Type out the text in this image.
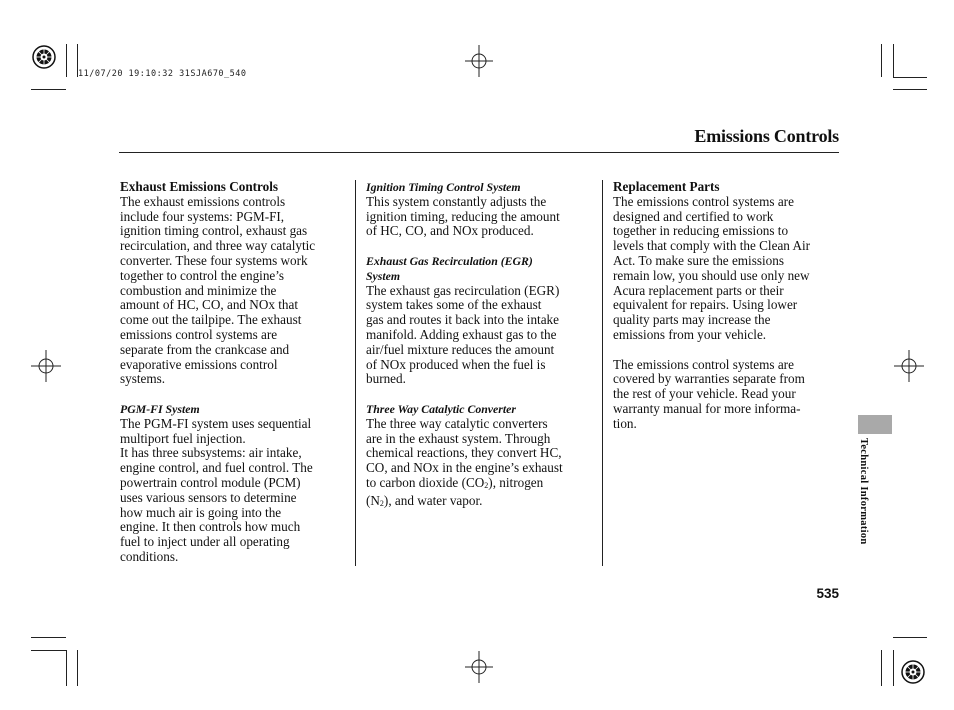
11/07/20 19:10:32 31SJA670_540
Emissions Controls

Exhaust Emissions Controls

The exhaust emissions controls

include four systems: PGM-FI,

ignition timing control, exhaust gas

recirculation, and three way catalytic

converter. These four systems work

together to control the engine’s

combustion and minimize the

amount of HC, CO, and NOx that

come out the tailpipe. The exhaust

emissions control systems are

separate from the crankcase and

evaporative emissions control

systems.

PGM-FI System

The PGM-FI system uses sequential

multiport fuel injection.

It has three subsystems: air intake,

engine control, and fuel control. The

powertrain control module (PCM)

uses various sensors to determine

how much air is going into the

engine. It then controls how much

fuel to inject under all operating

conditions.

Ignition Timing Control System

This system constantly adjusts the

ignition timing, reducing the amount

of HC, CO, and NOx produced.

Exhaust Gas Recirculation (EGR)

System

The exhaust gas recirculation (EGR)

system takes some of the exhaust

gas and routes it back into the intake

manifold. Adding exhaust gas to the

air/fuel mixture reduces the amount

of NOx produced when the fuel is

burned.

Three Way Catalytic Converter

The three way catalytic converters

are in the exhaust system. Through

chemical reactions, they convert HC,

CO, and NOx in the engine’s exhaust

to carbon dioxide $(CO_2)$, nitrogen

$(N_2)$, and water vapor.

Replacement Parts

The emissions control systems are

designed and certified to work

together in reducing emissions to

levels that comply with the Clean Air

Act. To make sure the emissions

remain low, you should use only new

Acura replacement parts or their

equivalent for repairs. Using lower

quality parts may increase the

emissions from your vehicle.

The emissions control systems are

covered by warranties separate from

the rest of your vehicle. Read your

warranty manual for more informa-

tion.

Technical Information
535
